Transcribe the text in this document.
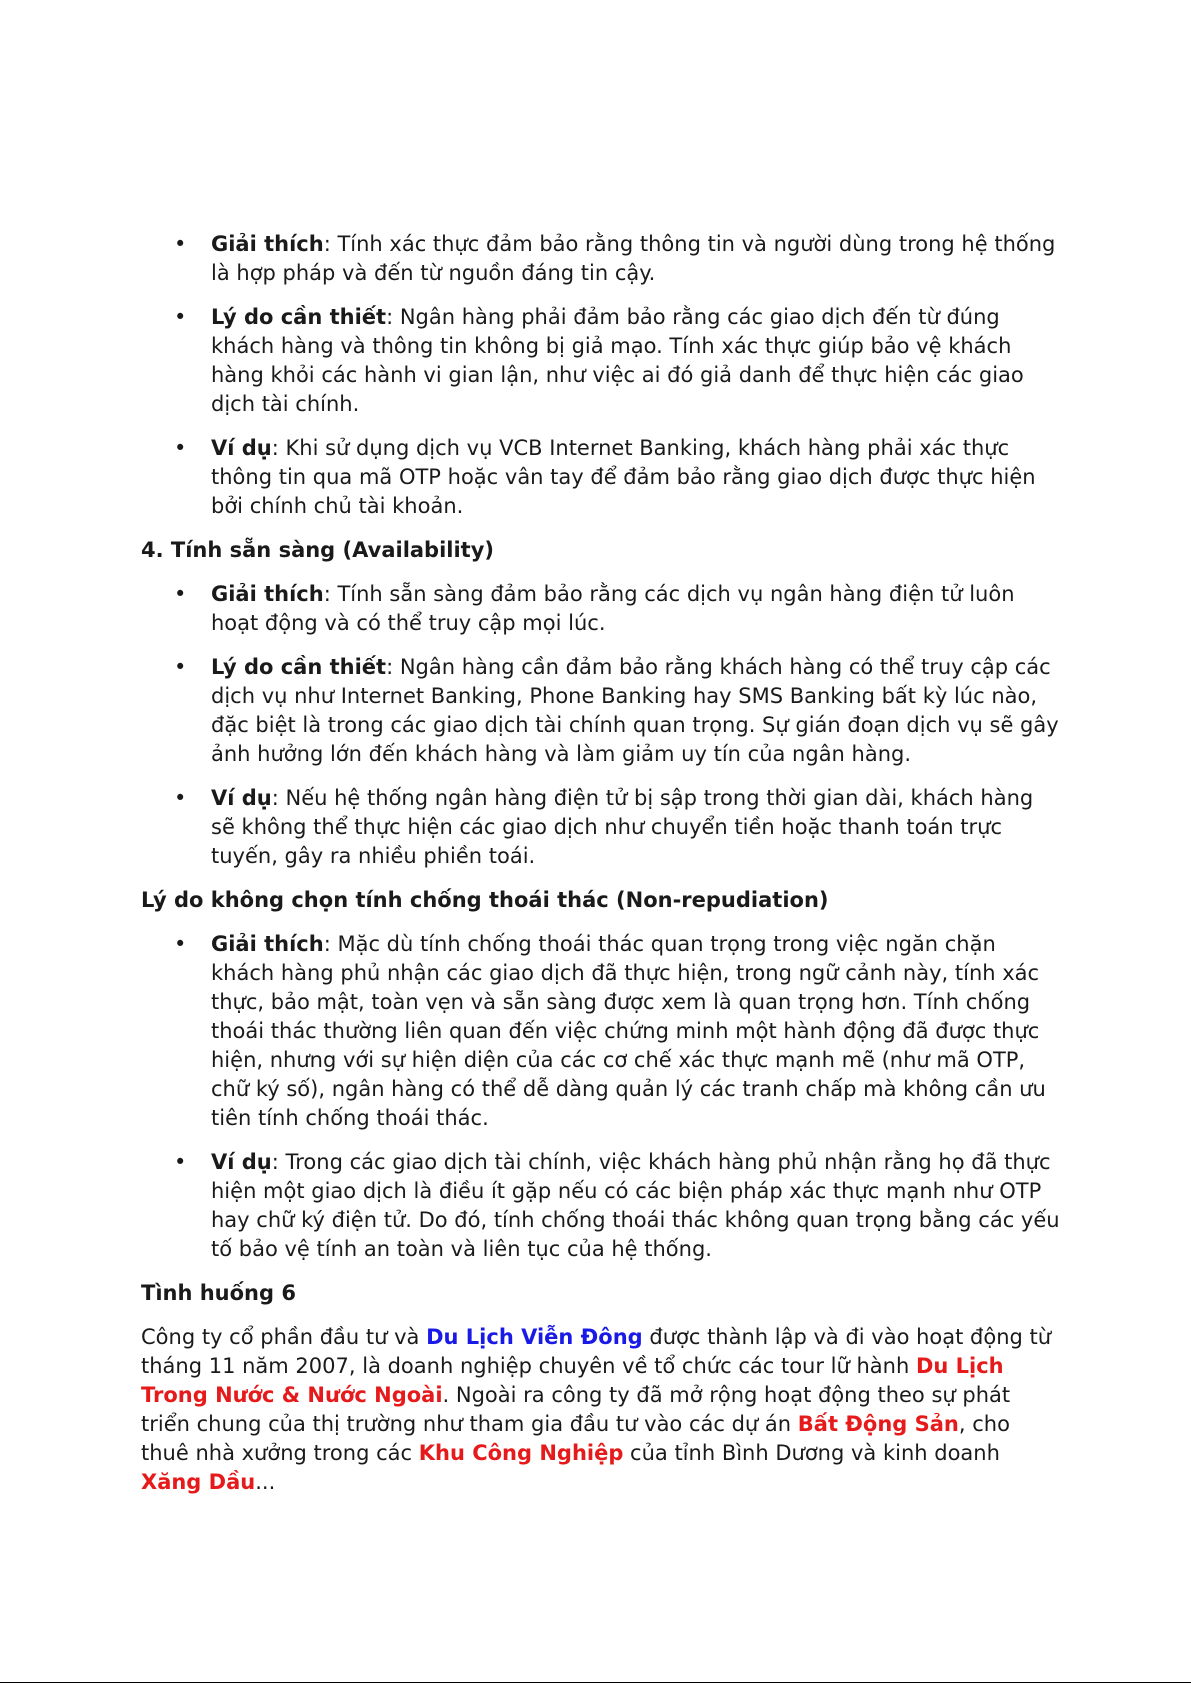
• Giải thích: Tính xác thực đảm bảo rằng thông tin và người dùng trong hệ thống là hợp pháp và đến từ nguồn đáng tin cậy.
• Lý do cần thiết: Ngân hàng phải đảm bảo rằng các giao dịch đến từ đúng khách hàng và thông tin không bị giả mạo. Tính xác thực giúp bảo vệ khách hàng khỏi các hành vi gian lận, như việc ai đó giả danh để thực hiện các giao dịch tài chính.
• Ví dụ: Khi sử dụng dịch vụ VCB Internet Banking, khách hàng phải xác thực thông tin qua mã OTP hoặc vân tay để đảm bảo rằng giao dịch được thực hiện bởi chính chủ tài khoản.
4. Tính sẵn sàng (Availability)
• Giải thích: Tính sẵn sàng đảm bảo rằng các dịch vụ ngân hàng điện tử luôn hoạt động và có thể truy cập mọi lúc.
• Lý do cần thiết: Ngân hàng cần đảm bảo rằng khách hàng có thể truy cập các dịch vụ như Internet Banking, Phone Banking hay SMS Banking bất kỳ lúc nào, đặc biệt là trong các giao dịch tài chính quan trọng. Sự gián đoạn dịch vụ sẽ gây ảnh hưởng lớn đến khách hàng và làm giảm uy tín của ngân hàng.
• Ví dụ: Nếu hệ thống ngân hàng điện tử bị sập trong thời gian dài, khách hàng sẽ không thể thực hiện các giao dịch như chuyển tiền hoặc thanh toán trực tuyến, gây ra nhiều phiền toái.
Lý do không chọn tính chống thoái thác (Non-repudiation)
• Giải thích: Mặc dù tính chống thoái thác quan trọng trong việc ngăn chặn khách hàng phủ nhận các giao dịch đã thực hiện, trong ngữ cảnh này, tính xác thực, bảo mật, toàn vẹn và sẵn sàng được xem là quan trọng hơn. Tính chống thoái thác thường liên quan đến việc chứng minh một hành động đã được thực hiện, nhưng với sự hiện diện của các cơ chế xác thực mạnh mẽ (như mã OTP, chữ ký số), ngân hàng có thể dễ dàng quản lý các tranh chấp mà không cần ưu tiên tính chống thoái thác.
• Ví dụ: Trong các giao dịch tài chính, việc khách hàng phủ nhận rằng họ đã thực hiện một giao dịch là điều ít gặp nếu có các biện pháp xác thực mạnh như OTP hay chữ ký điện tử. Do đó, tính chống thoái thác không quan trọng bằng các yếu tố bảo vệ tính an toàn và liên tục của hệ thống.
Tình huống 6

Công ty cổ phần đầu tư và Du Lịch Viễn Đông được thành lập và đi vào hoạt động từ tháng 11 năm 2007, là doanh nghiệp chuyên về tổ chức các tour lữ hành Du Lịch Trong Nước & Nước Ngoài. Ngoài ra công ty đã mở rộng hoạt động theo sự phát triển chung của thị trường như tham gia đầu tư vào các dự án Bất Động Sản, cho thuê nhà xưởng trong các Khu Công Nghiệp của tỉnh Bình Dương và kinh doanh Xăng Dầu...
